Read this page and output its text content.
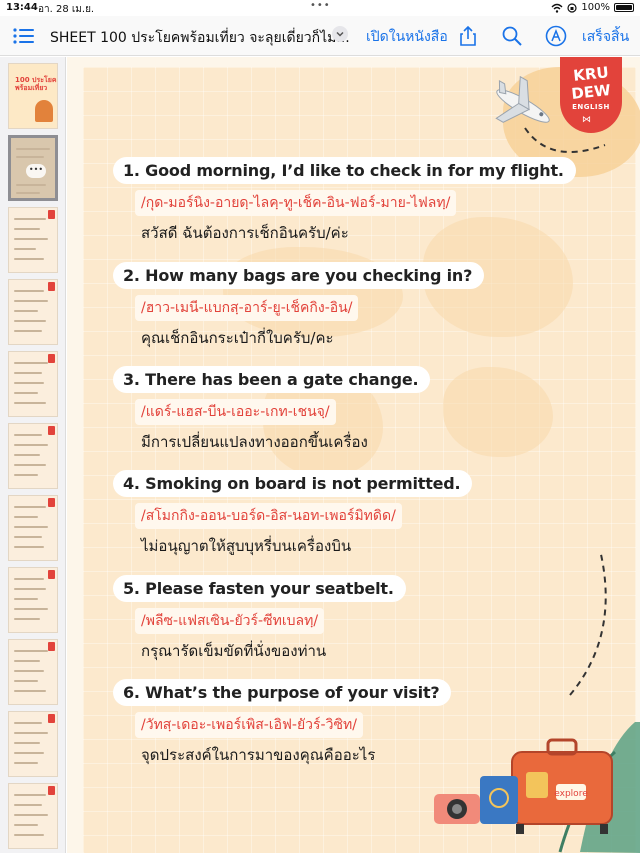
13:44 อา. 28 เม.ย.	•••	100%
SHEET 100 ประโยคพร้อมเที่ยว จะลุยเดี่ยวก็ไม่... เปิดในหนังสือ	เสร็จสิ้น
100 ประโยค พร้อมเที่ยว
•••
KRU
DEW
ENGLISH
⋈
1. Good morning, I’d like to check in for my flight.
/กุด-มอร์นิง-อายดฺ-ไลคฺ-ทู-เช็ค-อิน-ฟอร์-มาย-ไฟลทฺ/
สวัสดี ฉันต้องการเช็กอินครับ/ค่ะ
2. How many bags are you checking in?
/ฮาว-เมนี-แบกสฺ-อาร์-ยู-เช็คกิง-อิน/
คุณเช็กอินกระเป๋ากี่ใบครับ/คะ
3. There has been a gate change.
/แดร์-แฮส-บีน-เออะ-เกท-เชนจฺ/
มีการเปลี่ยนแปลงทางออกขึ้นเครื่อง
4. Smoking on board is not permitted.
/สโมกกิง-ออน-บอร์ด-อิส-นอท-เพอร์มิทดิด/
ไม่อนุญาตให้สูบบุหรี่บนเครื่องบิน
5. Please fasten your seatbelt.
/พลีซ-แฟสเซิน-ยัวร์-ซีทเบลทฺ/
กรุณารัดเข็มขัดที่นั่งของท่าน
6. What’s the purpose of your visit?
/วัทสฺ-เดอะ-เพอร์เพิส-เอิฟ-ยัวร์-วิซิท/
จุดประสงค์ในการมาของคุณคืออะไร
explore
